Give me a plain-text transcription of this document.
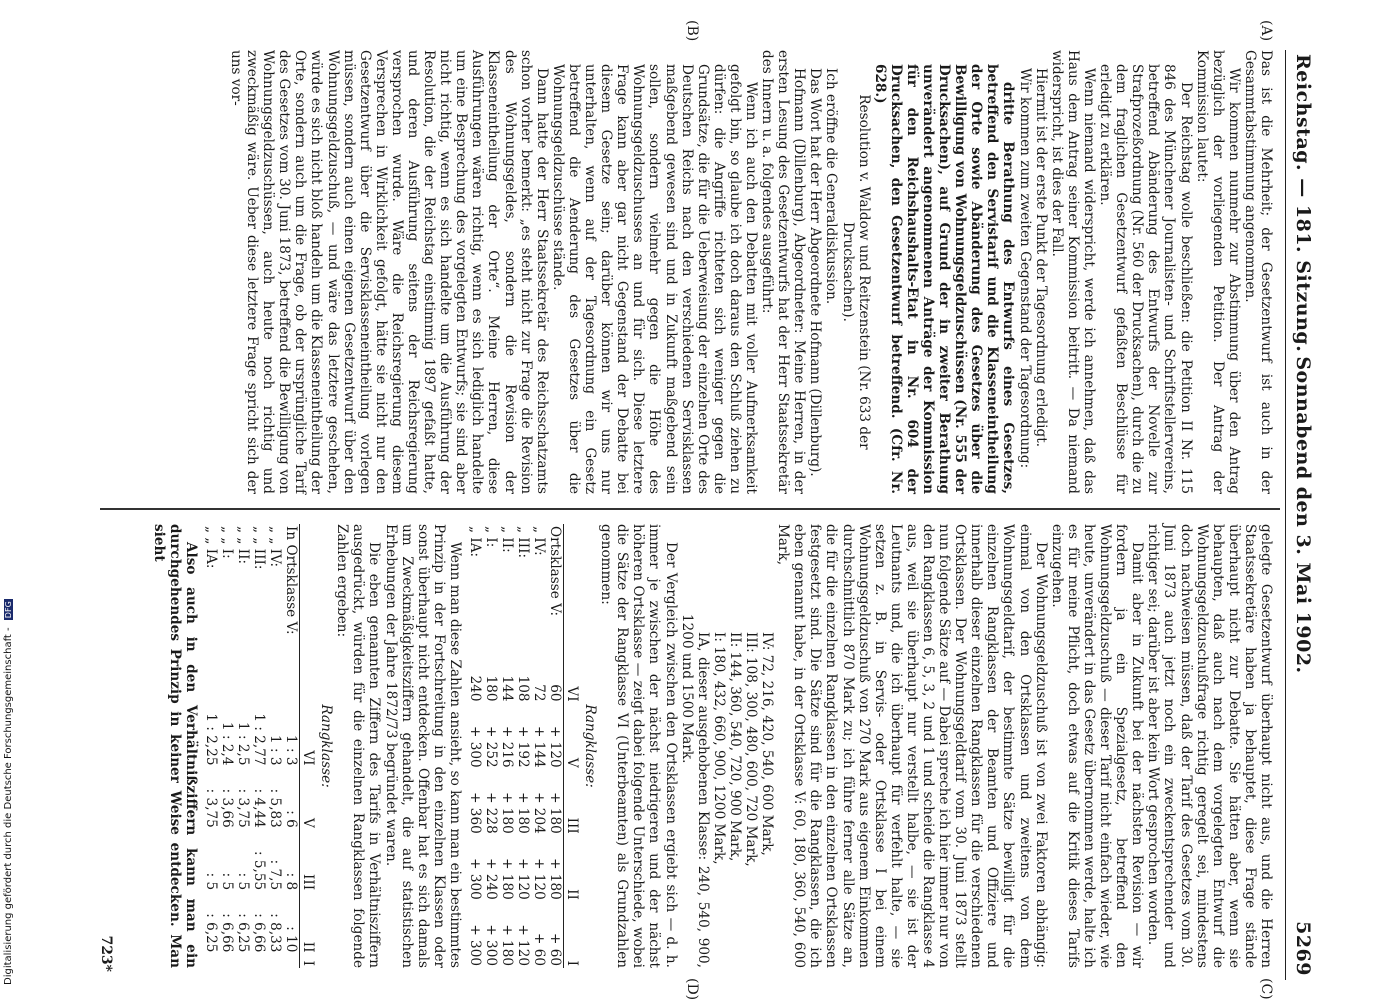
Reichstag. — 181. Sitzung.
Sonnabend den 3. Mai 1902.
5269

Das ist die Mehrheit; der Gesetzentwurf ist auch in der Gesammtabstimmung angenommen.

Wir kommen nunmehr zur Abstimmung über den Antrag bezüglich der vorliegenden Petition. Der Antrag der Kommission lautet:

Der Reichstag wolle beschließen: die Petition II Nr. 115 846 des Münchener Journalisten- und Schriftstellervereins, betreffend Abänderung des Entwurfs der Novelle zur Strafprozeßordnung (Nr. 560 der Drucksachen), durch die zu dem fraglichen Gesetzentwurf gefaßten Beschlüsse für erledigt zu erklären.

Wenn niemand widerspricht, werde ich annehmen, daß das Haus dem Antrag seiner Kommission beitritt. — Da niemand widerspricht, ist dies der Fall.

Hiermit ist der erste Punkt der Tagesordnung erledigt.

Wir kommen zum zweiten Gegenstand der Tagesordnung:

dritte Berathung des Entwurfs eines Gesetzes, betreffend den Servistarif und die Klasseneintheilung der Orte sowie Abänderung des Gesetzes über die Bewilligung von Wohnungsgeldzuschüssen (Nr. 555 der Drucksachen), auf Grund der in zweiter Berathung unverändert angenommenen Anträge der Kommission für den Reichshaushalts-Etat in Nr. 604 der Drucksachen, den Gesetzentwurf betreffend. (Cfr. Nr. 628.)

Resolution v. Waldow und Reitzenstein (Nr. 633 der Drucksachen).

Ich eröffne die Generaldiskussion.

Das Wort hat der Herr Abgeordnete Hofmann (Dillenburg).

Hofmann (Dillenburg), Abgeordneter: Meine Herren, in der ersten Lesung des Gesetzentwurfs hat der Herr Staatssekretär des Innern u. a. folgendes ausgeführt:

Wenn ich auch den Debatten mit voller Aufmerksamkeit gefolgt bin, so glaube ich doch daraus den Schluß ziehen zu dürfen: die Angriffe richteten sich weniger gegen die Grundsätze, die für die Ueberweisung der einzelnen Orte des Deutschen Reichs nach den verschiedenen Servisklassen maßgebend gewesen sind und in Zukunft maßgebend sein sollen, sondern vielmehr gegen die Höhe des Wohnungsgeldzuschusses an und für sich. Diese letztere Frage kann aber gar nicht Gegenstand der Debatte bei diesem Gesetze sein; darüber können wir uns nur unterhalten, wenn auf der Tagesordnung ein Gesetz betreffend die Aenderung des Gesetzes über die Wohnungsgeldzuschüsse stände.

Dann hatte der Herr Staatssekretär des Reichsschatzamts schon vorher bemerkt: „es steht nicht zur Frage die Revision des Wohnungsgeldes, sondern die Revision der Klasseneintheilung der Orte“. Meine Herren, diese Ausführungen wären richtig, wenn es sich lediglich handelte um eine Besprechung des vorgelegten Entwurfs; sie sind aber nicht richtig, wenn es sich handelte um die Ausführung der Resolution, die der Reichstag einstimmig 1897 gefaßt hatte, und deren Ausführung seitens der Reichsregierung versprochen wurde. Wäre die Reichsregierung diesem Versprechen in Wirklichkeit gefolgt, hätte sie nicht nur den Gesetzentwurf über die Servisklasseneintheilung vorlegen müssen, sondern auch einen eigenen Gesetzentwurf über den Wohnungsgeldzuschuß, — und wäre das letztere geschehen, würde es sich nicht bloß handeln um die Klasseneintheilung der Orte, sondern auch um die Frage, ob der ursprüngliche Tarif des Gesetzes vom 30. Juni 1873, betreffend die Bewilligung von Wohnungsgeldzuschüssen, auch heute noch richtig und zweckmäßig wäre. Ueber diese letztere Frage spricht sich der uns vor-

gelegte Gesetzentwurf überhaupt nicht aus, und die Herren Staatssekretäre haben ja behauptet, diese Frage stände überhaupt nicht zur Debatte. Sie hätten aber, wenn sie behaupten, daß auch nach dem vorgelegten Entwurf die Wohnungsgeldzuschußfrage richtig geregelt sei, mindestens doch nachweisen müssen, daß der Tarif des Gesetzes vom 30. Juni 1873 auch jetzt noch ein zweckentsprechender und richtiger sei; darüber ist aber kein Wort gesprochen worden.

Damit aber in Zukunft bei der nächsten Revision — wir fordern ja ein Spezialgesetz, betreffend den Wohnungsgeldzuschuß — dieser Tarif nicht einfach wieder, wie heute, unverändert in das Gesetz übernommen werde, halte ich es für meine Pflicht, doch etwas auf die Kritik dieses Tarifs einzugehen.

Der Wohnungsgeldzuschuß ist von zwei Faktoren abhängig: einmal von den Ortsklassen und zweitens von dem Wohnungsgeldtarif, der bestimmte Sätze bewilligt für die einzelnen Rangklassen der Beamten und Offiziere und innerhalb dieser einzelnen Rangklassen für die verschiedenen Ortsklassen. Der Wohnungsgeldtarif vom 30. Juni 1873 stellt nun folgende Sätze auf — Dabei spreche ich hier immer nur von den Rangklassen 6, 5, 3, 2 und 1 und scheide die Rangklasse 4 aus, weil sie überhaupt nur verstellt halbe, — sie ist der Leutnants und, die ich überhaupt für verfehlt halte, — sie setzen z. B. in Servis- oder Ortsklasse I bei einem Wohnungsgeldzuschuß von 270 Mark aus eigenem Einkommen durchschnittlich 870 Mark zu; ich führe ferner alle Sätze an, die für die einzelnen Rangklassen in den einzelnen Ortsklassen festgesetzt sind. Die Sätze sind für die Rangklassen, die ich eben genannt habe, in der Ortsklasse V: 60, 180, 360, 540, 600 Mark,

IV: 72, 216, 420, 540, 600 Mark,

III: 108, 300, 480, 600, 720 Mark,

II: 144, 360, 540, 720, 900 Mark,

I: 180, 432, 660, 900, 1200 Mark,

IA, dieser ausgehobenen Klasse: 240, 540, 900, 1200 und 1500 Mark.

Der Vergleich zwischen den Ortsklassen ergiebt sich — d. h. immer je zwischen der nächst niedrigeren und der nächst höheren Ortsklasse — zeigt dabei folgende Unterschiede, wobei die Sätze der Rangklasse VI (Unterbeamten) als Grundzahlen genommen:

Rangklasse:
	VI	V	III	II	I
Ortsklasse V:	60	+ 120	+ 180	+ 180	+ 60
„ IV:	72	+ 144	+ 204	+ 120	+ 60
„ III:	108	+ 192	+ 180	+ 120	+ 120
„ II:	144	+ 216	+ 180	+ 180	+ 180
„ I:	180	+ 252	+ 228	+ 240	+ 300
„ IA:	240	+ 300	+ 360	+ 300	+ 300

Wenn man diese Zahlen ansieht, so kann man ein bestimmtes Prinzip in der Fortschreitung in den einzelnen Klassen oder sonst überhaupt nicht entdecken. Offenbar hat es sich damals um Zweckmäßigkeitsziffern gehandelt, die auf statistischen Erhebungen der Jahre 1872/73 begründet waren.

Die eben genannten Ziffern des Tarifs in Verhältnisziffern ausgedrückt, würden für die einzelnen Rangklassen folgende Zahlen ergeben:

Rangklasse:
	VI	V	III	II	I
In Ortsklasse V:	1 : 3	: 6	: 8	: 10	
„ „ IV:	1 : 3	: 5,83	: 7,5	: 8,33	
„ „ III:	1 : 2,77	: 4,44	: 5,55	: 6,66	
„ „ II:	1 : 2,5	: 3,75	: 5	: 6,25	
„ „ I:	1 : 2,4	: 3,66	: 5	: 6,66	
„ „ IA:	1 : 2,25	: 3,75	: 5	: 6,25	

Also auch in den Verhältnißziffern kann man ein durchgehendes Prinzip in keiner Weise entdecken. Man sieht

(A)
(B)
(C)
(D)
723*
Digitalisierung gefördert durch die Deutsche Forschungsgemeinschaft - DFG
